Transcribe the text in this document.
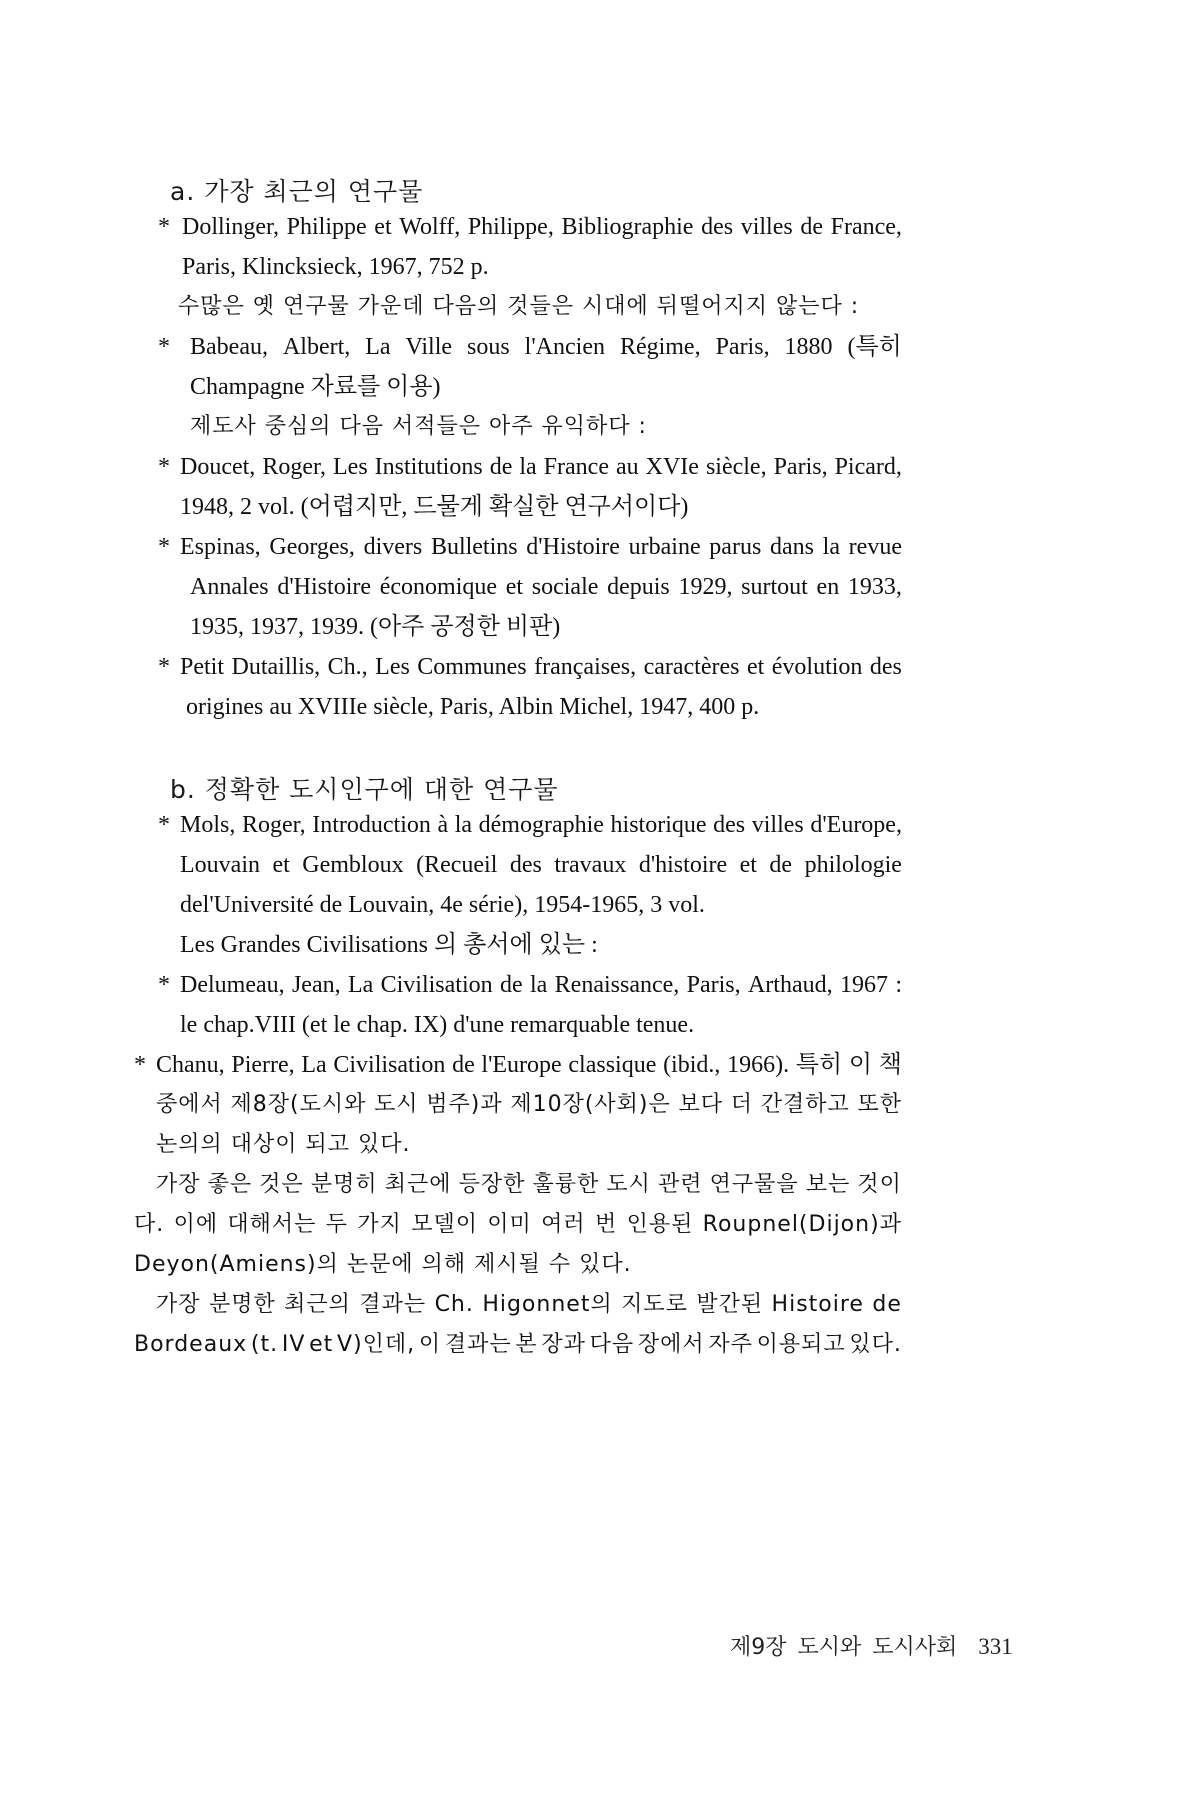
a. 가장 최근의 연구물
* Dollinger, Philippe et Wolff, Philippe, Bibliographie des villes de France,
Paris, Klincksieck, 1967, 752 p.
수많은 옛 연구물 가운데 다음의 것들은 시대에 뒤떨어지지 않는다 :
* Babeau, Albert, La Ville sous l'Ancien Régime, Paris, 1880 (특히
Champagne 자료를 이용)
제도사 중심의 다음 서적들은 아주 유익하다 :
* Doucet, Roger, Les Institutions de la France au XVIe siècle, Paris, Picard,
1948, 2 vol. (어렵지만, 드물게 확실한 연구서이다)
* Espinas, Georges, divers Bulletins d'Histoire urbaine parus dans la revue
Annales d'Histoire économique et sociale depuis 1929, surtout en 1933,
1935, 1937, 1939. (아주 공정한 비판)
* Petit Dutaillis, Ch., Les Communes françaises, caractères et évolution des
origines au XVIIIe siècle, Paris, Albin Michel, 1947, 400 p.
b. 정확한 도시인구에 대한 연구물
* Mols, Roger, Introduction à la démographie historique des villes d'Europe,
Louvain et Gembloux (Recueil des travaux d'histoire et de philologie
del'Université de Louvain, 4e série), 1954-1965, 3 vol.
Les Grandes Civilisations 의 총서에 있는 :
* Delumeau, Jean, La Civilisation de la Renaissance, Paris, Arthaud, 1967 :
le chap.VIII (et le chap. IX) d'une remarquable tenue.
* Chanu, Pierre, La Civilisation de l'Europe classique (ibid., 1966). 특히 이 책
중에서 제8장(도시와 도시 범주)과 제10장(사회)은 보다 더 간결하고 또한
논의의 대상이 되고 있다.
가장 좋은 것은 분명히 최근에 등장한 훌륭한 도시 관련 연구물을 보는 것이
다. 이에 대해서는 두 가지 모델이 이미 여러 번 인용된 Roupnel(Dijon)과
Deyon(Amiens)의 논문에 의해 제시될 수 있다.
가장 분명한 최근의 결과는 Ch. Higonnet의 지도로 발간된 Histoire de
Bordeaux (t. IV et V)인데, 이 결과는 본 장과 다음 장에서 자주 이용되고 있다.
제9장 도시와 도시사회 331
